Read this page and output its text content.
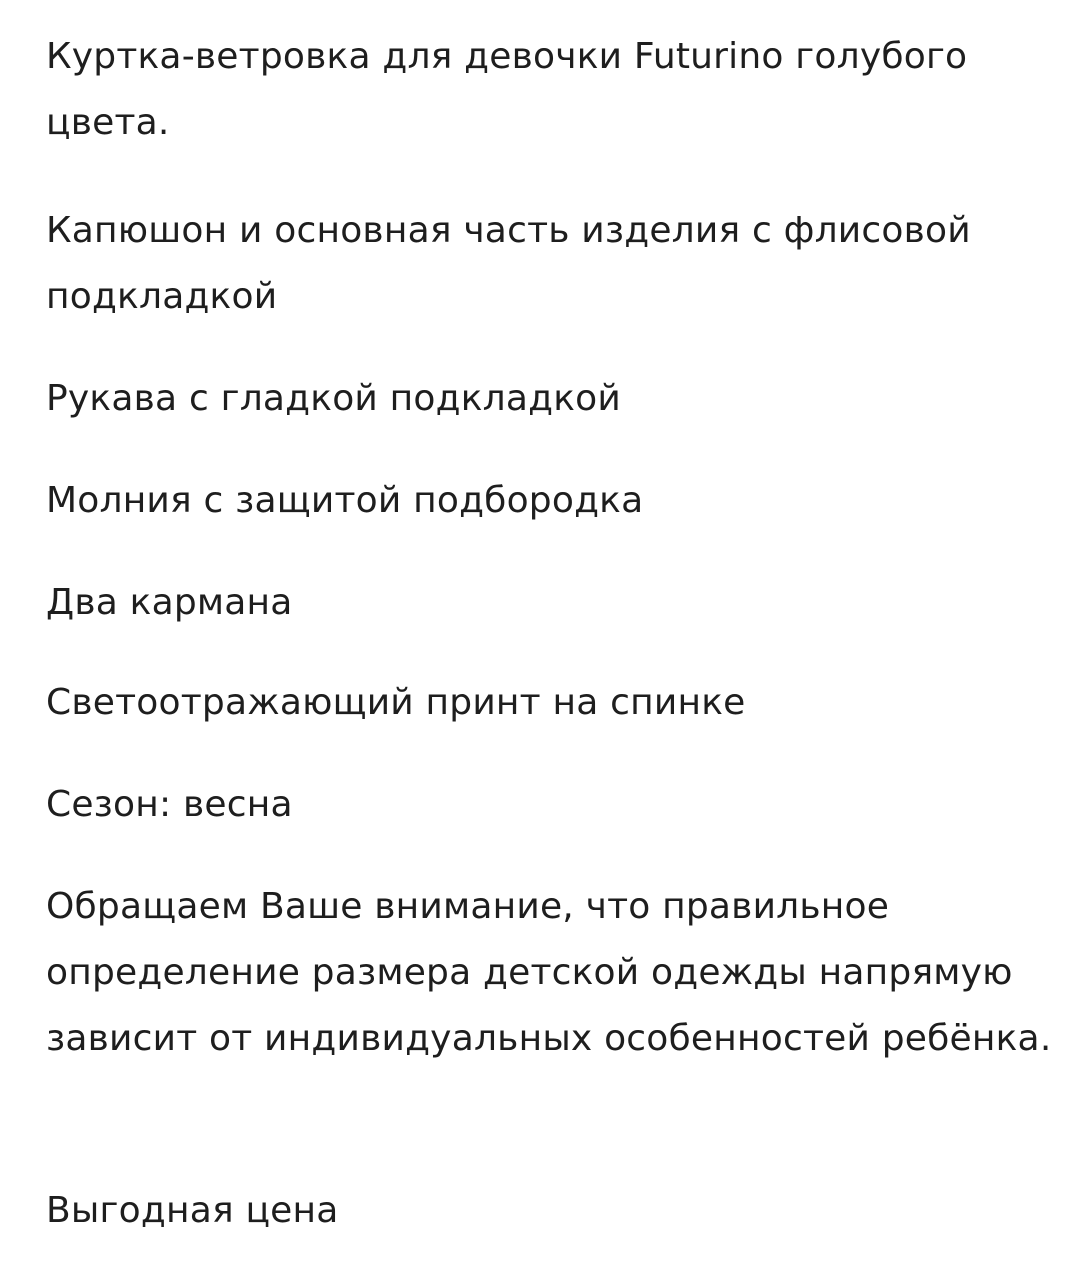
Куртка-ветровка для девочки Futurino голубого цвета.

Капюшон и основная часть изделия с флисовой подкладкой

Рукава с гладкой подкладкой

Молния с защитой подбородка

Два кармана

Светоотражающий принт на спинке

Сезон: весна

Обращаем Ваше внимание, что правильное определение размера детской одежды напрямую зависит от индивидуальных особенностей ребёнка.

Выгодная цена
